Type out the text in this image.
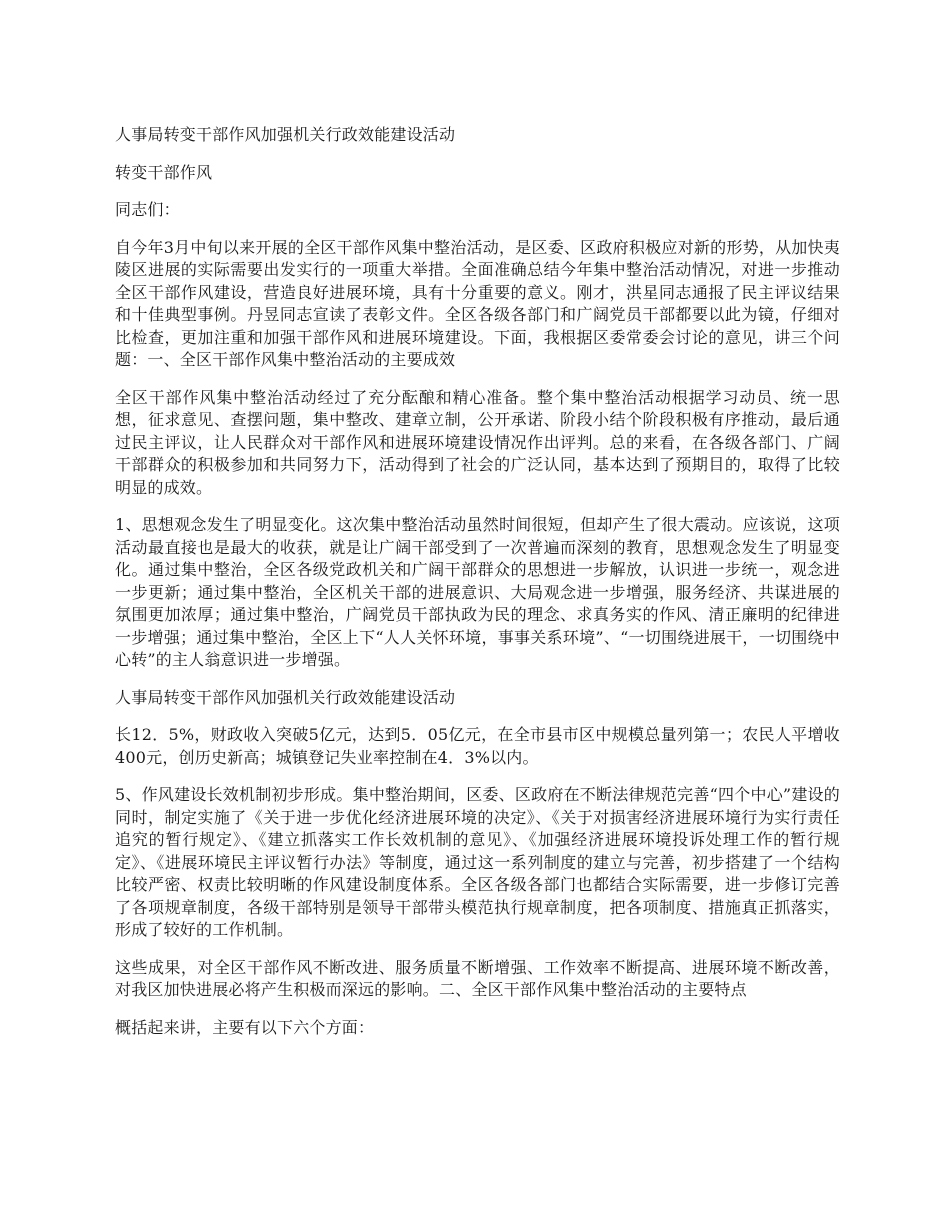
人事局转变干部作风加强机关行政效能建设活动

转变干部作风

同志们：

自今年3月中旬以来开展的全区干部作风集中整治活动，是区委、区政府积极应对新的形势，从加快夷陵区进展的实际需要出发实行的一项重大举措。全面准确总结今年集中整治活动情况，对进一步推动全区干部作风建设，营造良好进展环境，具有十分重要的意义。刚才，洪星同志通报了民主评议结果和十佳典型事例。丹昱同志宣读了表彰文件。全区各级各部门和广阔党员干部都要以此为镜，仔细对比检查，更加注重和加强干部作风和进展环境建设。下面，我根据区委常委会讨论的意见，讲三个问题：一、全区干部作风集中整治活动的主要成效

全区干部作风集中整治活动经过了充分酝酿和精心准备。整个集中整治活动根据学习动员、统一思想，征求意见、查摆问题，集中整改、建章立制，公开承诺、阶段小结个阶段积极有序推动，最后通过民主评议，让人民群众对干部作风和进展环境建设情况作出评判。总的来看，在各级各部门、广阔干部群众的积极参加和共同努力下，活动得到了社会的广泛认同，基本达到了预期目的，取得了比较明显的成效。

1、思想观念发生了明显变化。这次集中整治活动虽然时间很短，但却产生了很大震动。应该说，这项活动最直接也是最大的收获，就是让广阔干部受到了一次普遍而深刻的教育，思想观念发生了明显变化。通过集中整治，全区各级党政机关和广阔干部群众的思想进一步解放，认识进一步统一，观念进一步更新；通过集中整治，全区机关干部的进展意识、大局观念进一步增强，服务经济、共谋进展的氛围更加浓厚；通过集中整治，广阔党员干部执政为民的理念、求真务实的作风、清正廉明的纪律进一步增强；通过集中整治，全区上下“人人关怀环境，事事关系环境”、“一切围绕进展干，一切围绕中心转”的主人翁意识进一步增强。

人事局转变干部作风加强机关行政效能建设活动

长12．5%，财政收入突破5亿元，达到5．05亿元，在全市县市区中规模总量列第一；农民人平增收400元，创历史新高；城镇登记失业率控制在4．3%以内。

5、作风建设长效机制初步形成。集中整治期间，区委、区政府在不断法律规范完善“四个中心”建设的同时，制定实施了《关于进一步优化经济进展环境的决定》、《关于对损害经济进展环境行为实行责任追究的暂行规定》、《建立抓落实工作长效机制的意见》、《加强经济进展环境投诉处理工作的暂行规定》、《进展环境民主评议暂行办法》等制度，通过这一系列制度的建立与完善，初步搭建了一个结构比较严密、权责比较明晰的作风建设制度体系。全区各级各部门也都结合实际需要，进一步修订完善了各项规章制度，各级干部特别是领导干部带头模范执行规章制度，把各项制度、措施真正抓落实，形成了较好的工作机制。

这些成果，对全区干部作风不断改进、服务质量不断增强、工作效率不断提高、进展环境不断改善，对我区加快进展必将产生积极而深远的影响。二、全区干部作风集中整治活动的主要特点

概括起来讲，主要有以下六个方面：
